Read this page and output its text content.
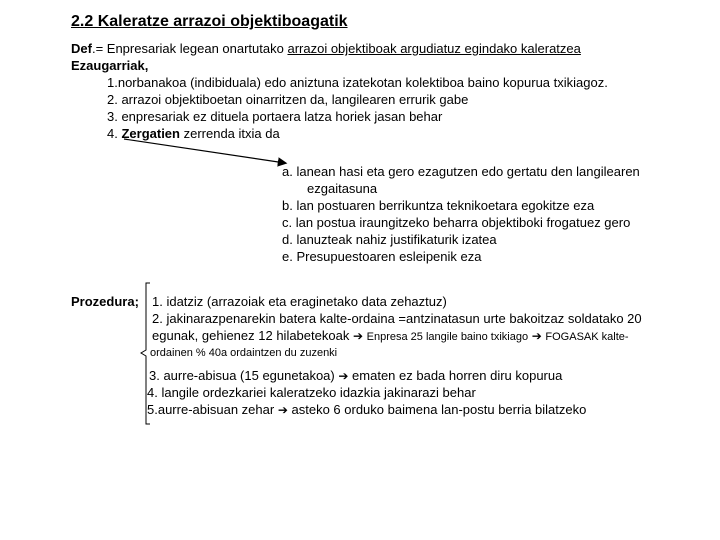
2.2 Kaleratze arrazoi objektiboagatik
Def.= Enpresariak legean onartutako arrazoi objektiboak argudiatuz egindako kaleratzea
Ezaugarriak,
1.norbanakoa (indibiduala) edo aniztuna izatekotan kolektiboa baino kopurua txikiagoz.
2. arrazoi objektiboetan oinarritzen da, langilearen errurik gabe
3. enpresariak ez dituela portaera latza horiek jasan behar
4. Zergatien zerrenda itxia da
a. lanean hasi eta gero ezagutzen edo gertatu den langilearen
ezgaitasuna
b. lan postuaren berrikuntza teknikoetara egokitze eza
c. lan postua iraungitzeko beharra objektiboki frogatuez gero
d. lanuzteak nahiz justifikaturik izatea
e. Presupuestoaren esleipenik eza
Prozedura; 1. idatziz (arrazoiak eta eraginetako data zehaztuz)
2. jakinarazpenarekin batera kalte-ordaina =antzinatasun urte bakoitzaz soldatako 20
egunak, gehienez 12 hilabetekoak ➔ Enpresa 25 langile baino txikiago ➔ FOGASAK kalte-
ordainen % 40a ordaintzen du zuzenki
3. aurre-abisua (15 egunetakoa) ➔ ematen ez bada horren diru kopurua
4. langile ordezkariei kaleratzeko idazkia jakinarazi behar
5.aurre-abisuan zehar ➔ asteko 6 orduko baimena lan-postu berria bilatzeko
